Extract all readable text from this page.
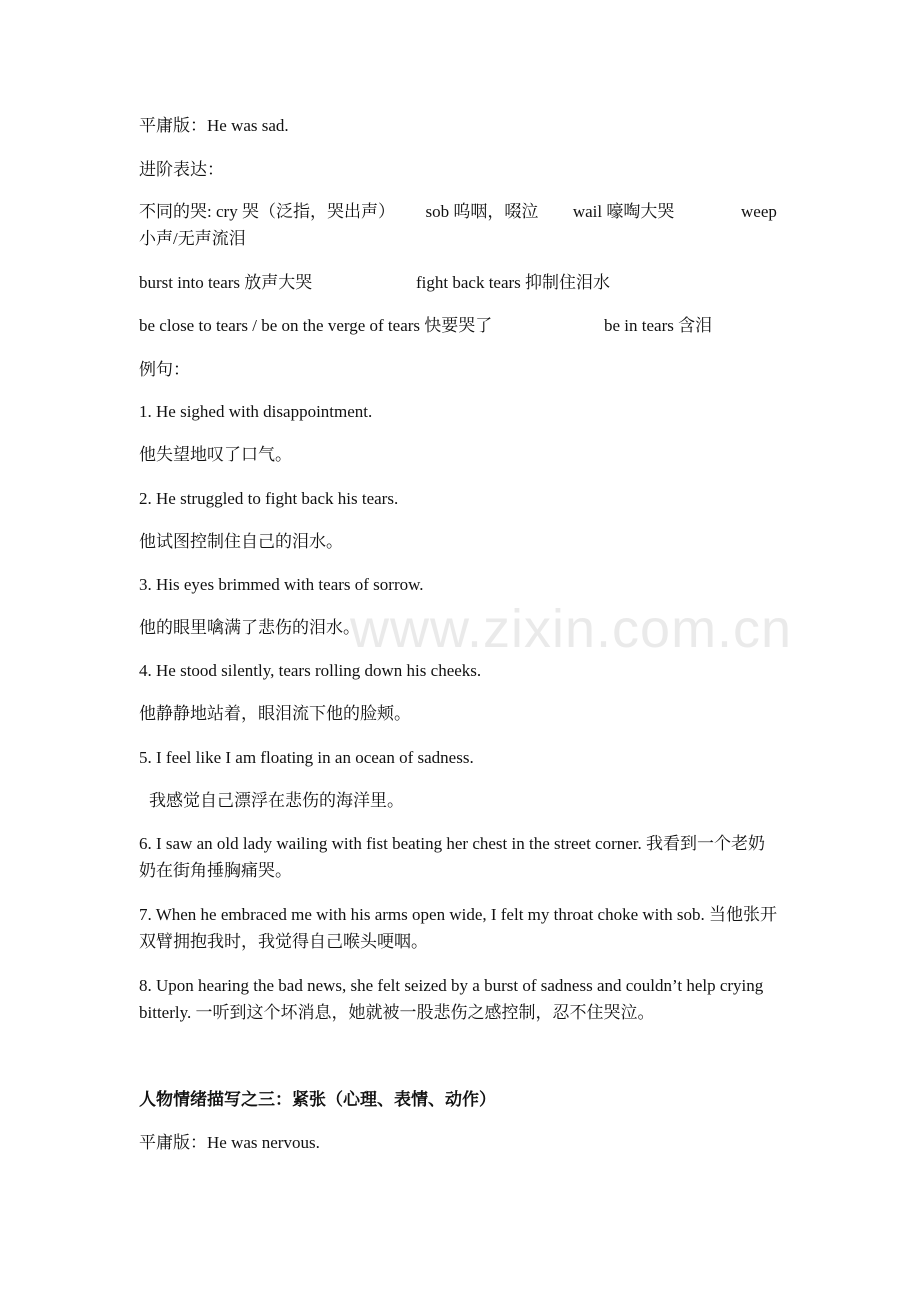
平庸版：He was sad.
进阶表达：
不同的哭: cry 哭（泛指，哭出声） sob 呜咽，啜泣 wail 嚎啕大哭	weep
小声/无声流泪
burst into tears 放声大哭	fight back tears 抑制住泪水
be close to tears / be on the verge of tears 快要哭了	be in tears 含泪
例句：
1. He sighed with disappointment.
他失望地叹了口气。
2. He struggled to fight back his tears.
他试图控制住自己的泪水。
3. His eyes brimmed with tears of sorrow.
他的眼里噙满了悲伤的泪水。
4. He stood silently, tears rolling down his cheeks.
他静静地站着，眼泪流下他的脸颊。
5. I feel like I am floating in an ocean of sadness.
我感觉自己漂浮在悲伤的海洋里。
6. I saw an old lady wailing with fist beating her chest in the street corner. 我看到一个老奶奶在街角捶胸痛哭。
7. When he embraced me with his arms open wide, I felt my throat choke with sob. 当他张开双臂拥抱我时，我觉得自己喉头哽咽。
8. Upon hearing the bad news, she felt seized by a burst of sadness and couldn’t help crying bitterly. 一听到这个坏消息，她就被一股悲伤之感控制，忍不住哭泣。
人物情绪描写之三：紧张（心理、表情、动作）
平庸版：He was nervous.
www.zixin.com.cn
